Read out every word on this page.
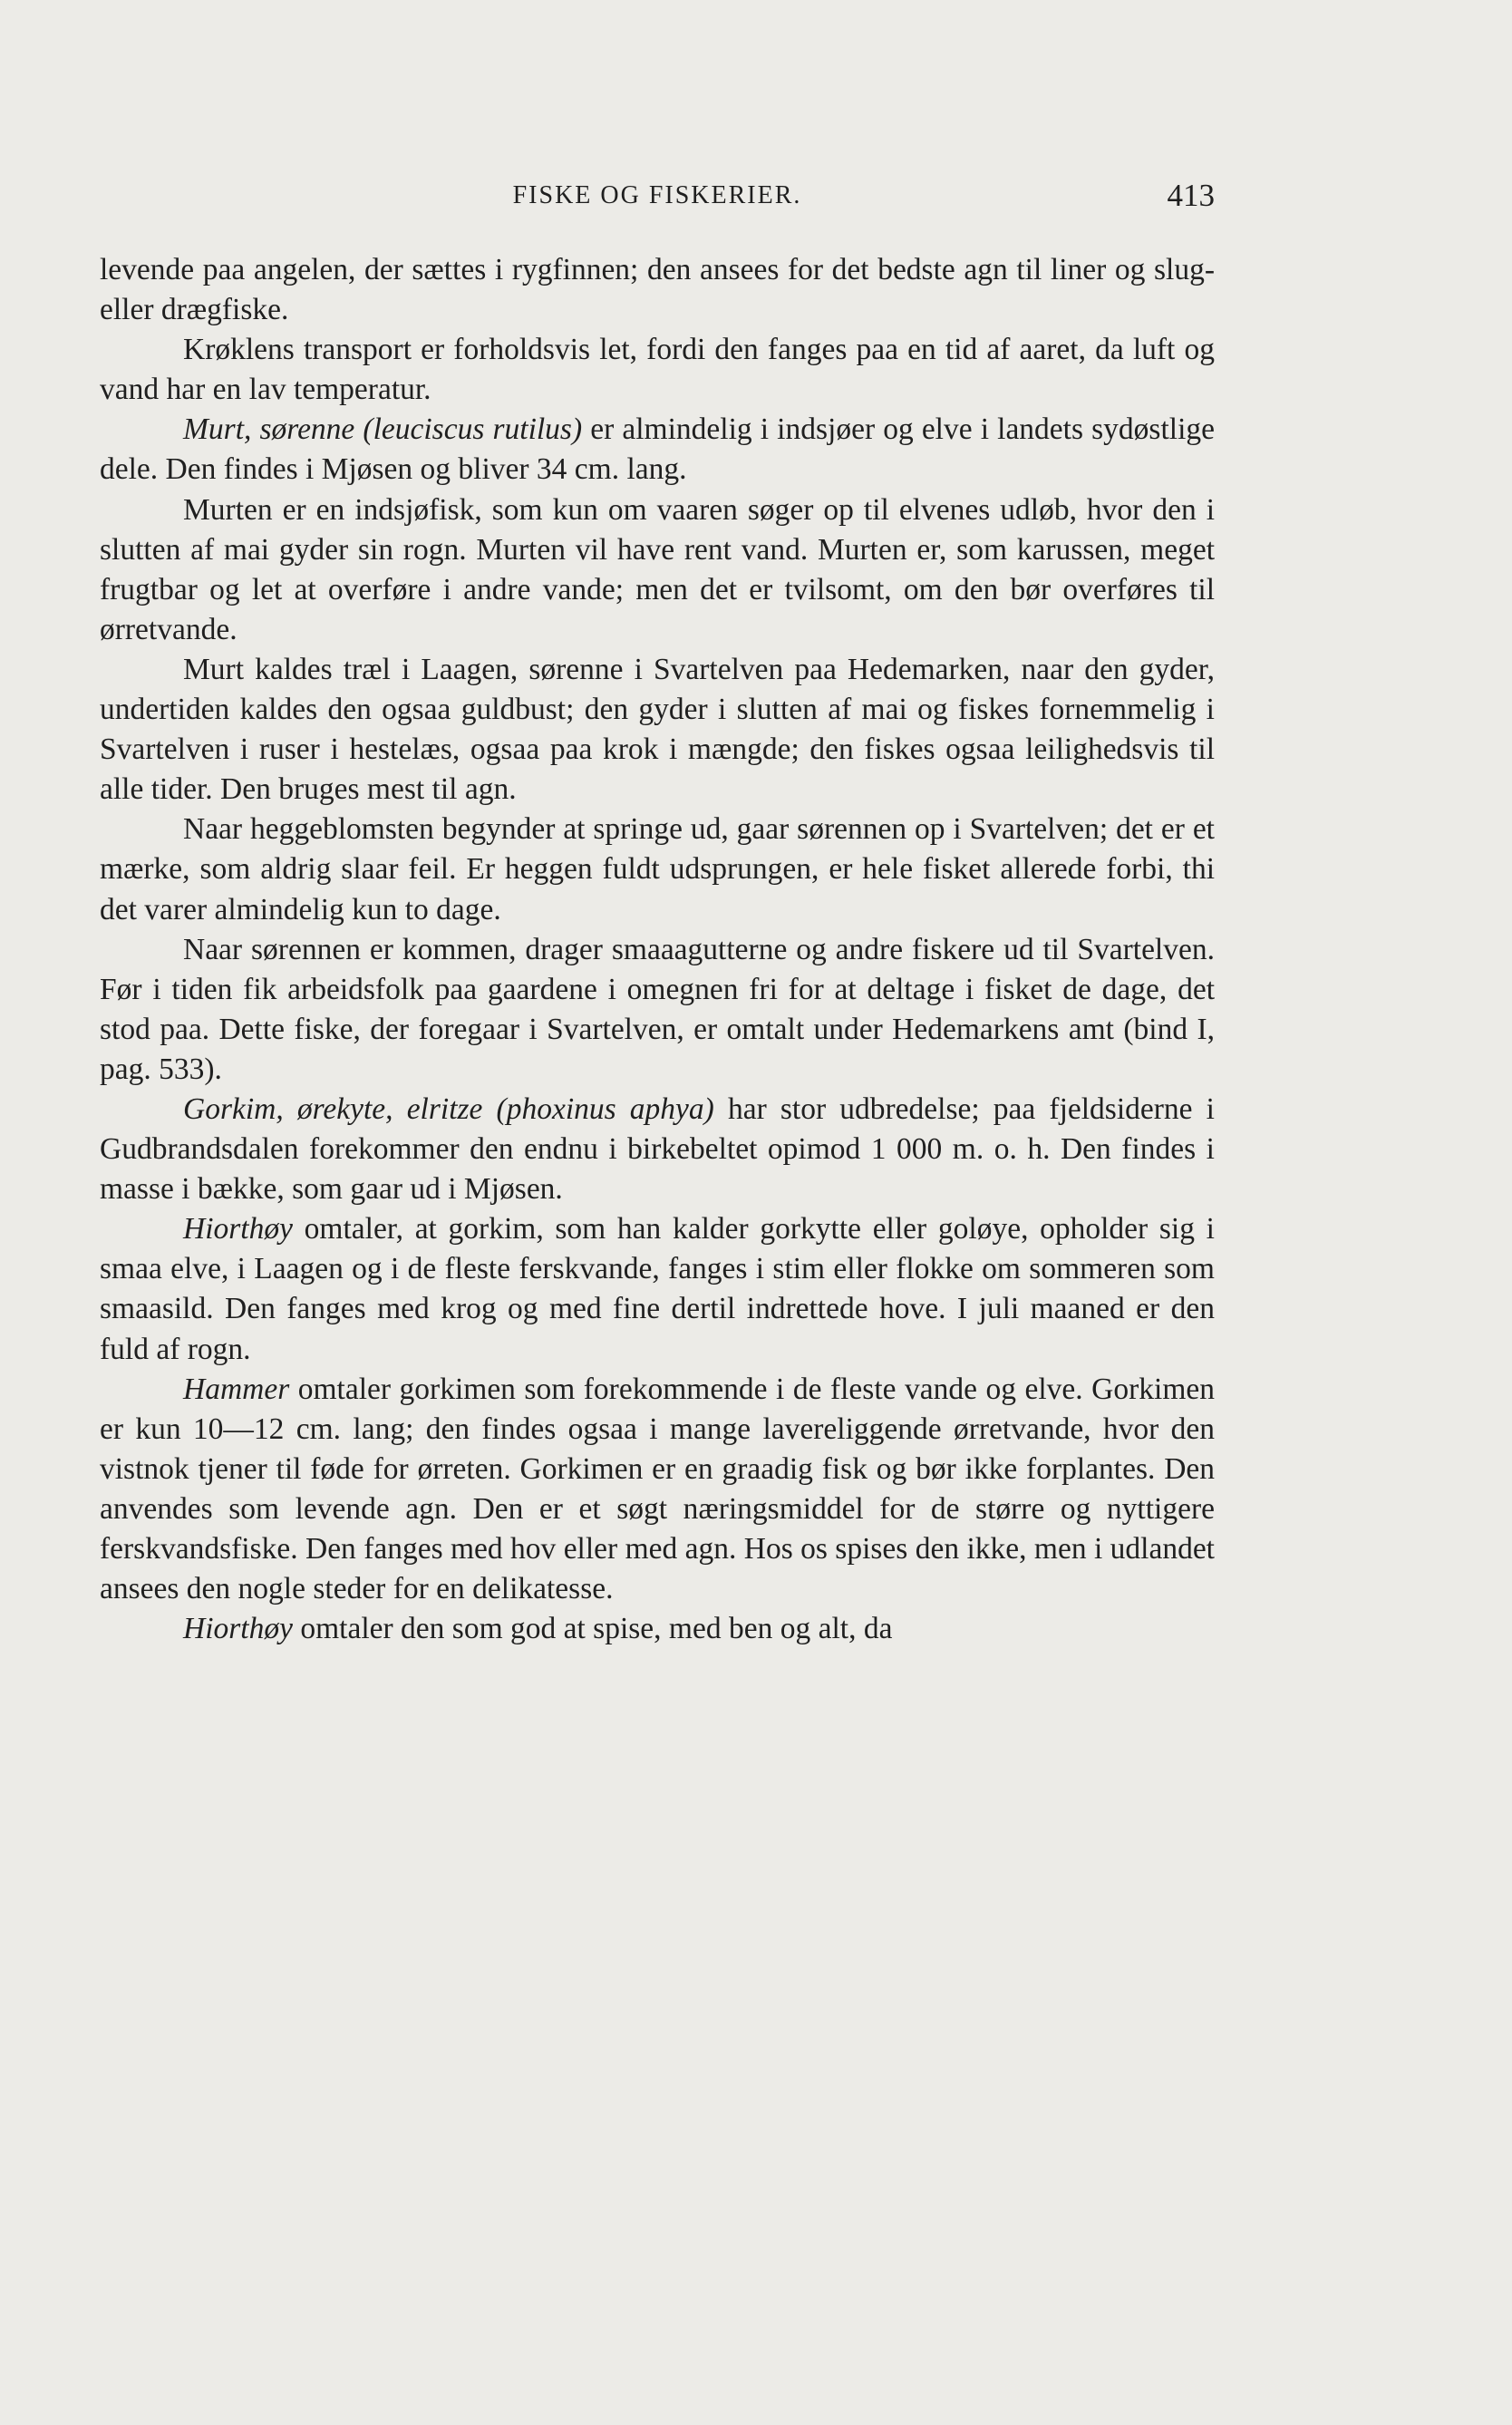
FISKE OG FISKERIER.	413

levende paa angelen, der sættes i rygfinnen; den ansees for det bedste agn til liner og slug- eller drægfiske.

Krøklens transport er forholdsvis let, fordi den fanges paa en tid af aaret, da luft og vand har en lav temperatur.

Murt, sørenne (leuciscus rutilus) er almindelig i indsjøer og elve i landets sydøstlige dele. Den findes i Mjøsen og bliver 34 cm. lang.

Murten er en indsjøfisk, som kun om vaaren søger op til elvenes udløb, hvor den i slutten af mai gyder sin rogn. Murten vil have rent vand. Murten er, som karussen, meget frugtbar og let at overføre i andre vande; men det er tvilsomt, om den bør overføres til ørretvande.

Murt kaldes træl i Laagen, sørenne i Svartelven paa Hedemarken, naar den gyder, undertiden kaldes den ogsaa guldbust; den gyder i slutten af mai og fiskes fornemmelig i Svartelven i ruser i hestelæs, ogsaa paa krok i mængde; den fiskes ogsaa leilighedsvis til alle tider. Den bruges mest til agn.

Naar heggeblomsten begynder at springe ud, gaar sørennen op i Svartelven; det er et mærke, som aldrig slaar feil. Er heggen fuldt udsprungen, er hele fisket allerede forbi, thi det varer almindelig kun to dage.

Naar sørennen er kommen, drager smaaagutterne og andre fiskere ud til Svartelven. Før i tiden fik arbeidsfolk paa gaardene i omegnen fri for at deltage i fisket de dage, det stod paa. Dette fiske, der foregaar i Svartelven, er omtalt under Hedemarkens amt (bind I, pag. 533).

Gorkim, ørekyte, elritze (phoxinus aphya) har stor udbredelse; paa fjeldsiderne i Gudbrandsdalen forekommer den endnu i birkebeltet opimod 1 000 m. o. h. Den findes i masse i bække, som gaar ud i Mjøsen.

Hiorthøy omtaler, at gorkim, som han kalder gorkytte eller goløye, opholder sig i smaa elve, i Laagen og i de fleste ferskvande, fanges i stim eller flokke om sommeren som smaasild. Den fanges med krog og med fine dertil indrettede hove. I juli maaned er den fuld af rogn.

Hammer omtaler gorkimen som forekommende i de fleste vande og elve. Gorkimen er kun 10—12 cm. lang; den findes ogsaa i mange lavereliggende ørretvande, hvor den vistnok tjener til føde for ørreten. Gorkimen er en graadig fisk og bør ikke forplantes. Den anvendes som levende agn. Den er et søgt næringsmiddel for de større og nyttigere ferskvandsfiske. Den fanges med hov eller med agn. Hos os spises den ikke, men i udlandet ansees den nogle steder for en delikatesse.

Hiorthøy omtaler den som god at spise, med ben og alt, da
